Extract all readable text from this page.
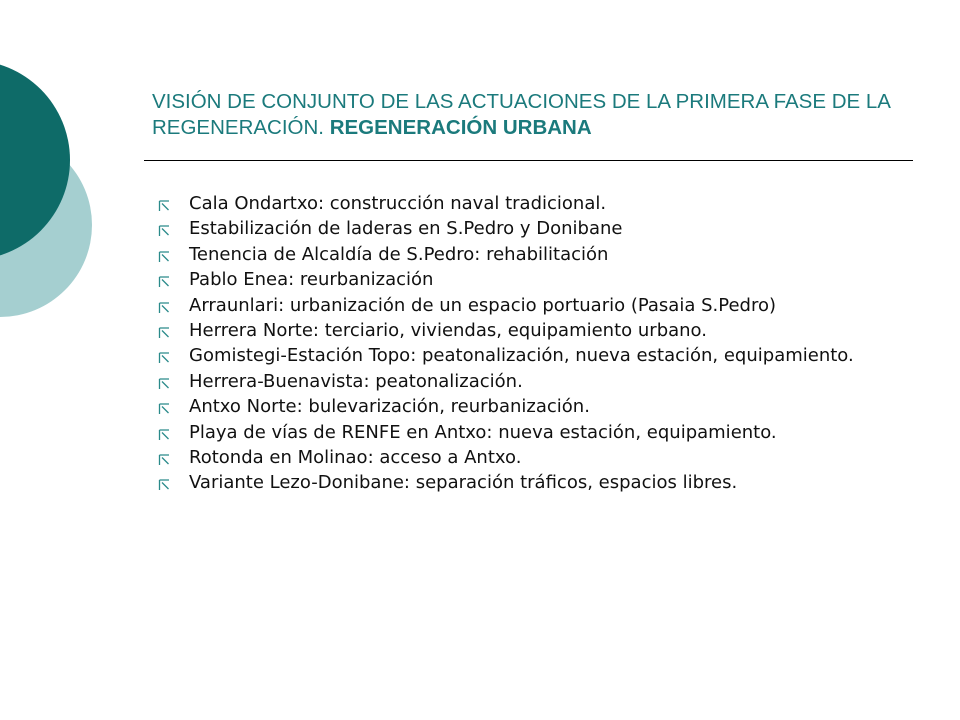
VISIÓN DE CONJUNTO DE LAS ACTUACIONES DE LA PRIMERA FASE DE LA REGENERACIÓN. REGENERACIÓN URBANA
Cala Ondartxo: construcción naval tradicional.
Estabilización de laderas en S.Pedro y Donibane
Tenencia de Alcaldía de S.Pedro: rehabilitación
Pablo Enea: reurbanización
Arraunlari: urbanización de un espacio portuario (Pasaia S.Pedro)
Herrera Norte: terciario, viviendas, equipamiento urbano.
Gomistegi-Estación Topo: peatonalización, nueva estación, equipamiento.
Herrera-Buenavista: peatonalización.
Antxo Norte: bulevarización, reurbanización.
Playa de vías de RENFE en Antxo: nueva estación, equipamiento.
Rotonda en Molinao: acceso a Antxo.
Variante Lezo-Donibane: separación tráficos, espacios libres.
